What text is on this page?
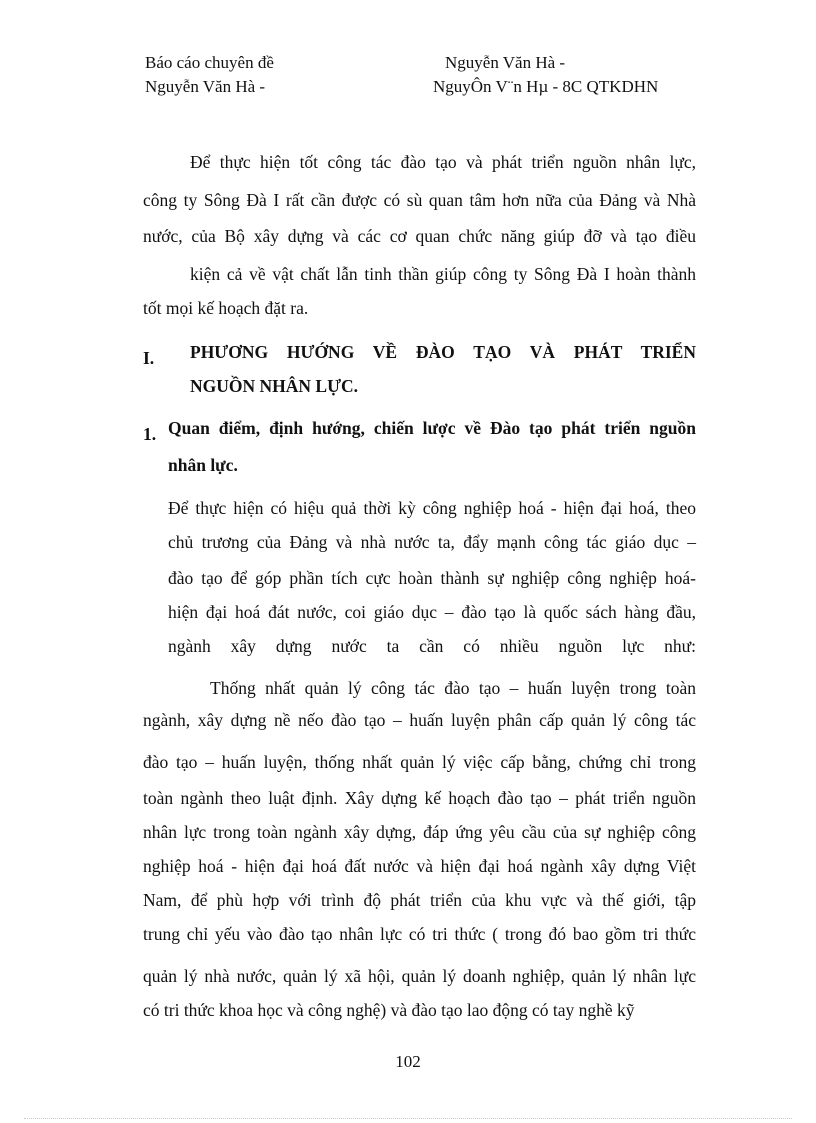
Báo cáo chuyên đề
Nguyễn Văn Hà -
Nguyễn Văn Hà -
NguyÔn V¨n Hµ - 8C QTKDHN
Để thực hiện tốt công tác đào tạo và phát triển nguồn nhân lực,
công ty Sông Đà I rất cần được có sù quan tâm hơn nữa của Đảng và Nhà
nước, của Bộ xây dựng và các cơ quan chức năng giúp đỡ và tạo điều
kiện cả về vật chất lẫn tinh thần giúp công ty Sông Đà I hoàn thành
tốt mọi kế hoạch đặt ra.
I. PHƯƠNG HƯỚNG VỀ ĐÀO TẠO VÀ PHÁT TRIỂN
NGUỒN NHÂN LỰC.
1. Quan điểm, định hướng, chiến lược về Đào tạo phát triển nguồn
nhân lực.
Để thực hiện có hiệu quả thời kỳ công nghiệp hoá - hiện đại hoá, theo
chủ trương của Đảng và nhà nước ta, đẩy mạnh công tác giáo dục –
đào tạo để góp phần tích cực hoàn thành sự nghiệp công nghiệp hoá-
hiện đại hoá đát nước, coi giáo dục – đào tạo là quốc sách hàng đầu,
ngành xây dựng nước ta cần có nhiều nguồn lực như:
Thống nhất quản lý công tác đào tạo – huấn luyện trong toàn
ngành, xây dựng nề nếo đào tạo – huấn luyện phân cấp quản lý công tác
đào tạo – huấn luyện, thống nhất quản lý việc cấp bằng, chứng chỉ trong
toàn ngành theo luật định. Xây dựng kế hoạch đào tạo – phát triển nguồn
nhân lực trong toàn ngành xây dựng, đáp ứng yêu cầu của sự nghiệp công
nghiệp hoá - hiện đại hoá đất nước và hiện đại hoá ngành xây dựng Việt
Nam, để phù hợp với trình độ phát triển của khu vực và thế giới, tập
trung chỉ yếu vào đào tạo nhân lực có tri thức ( trong đó bao gồm tri thức
quản lý nhà nước, quản lý xã hội, quản lý doanh nghiệp, quản lý nhân lực
có tri thức khoa học và công nghệ) và đào tạo lao động có tay nghề kỹ
102
